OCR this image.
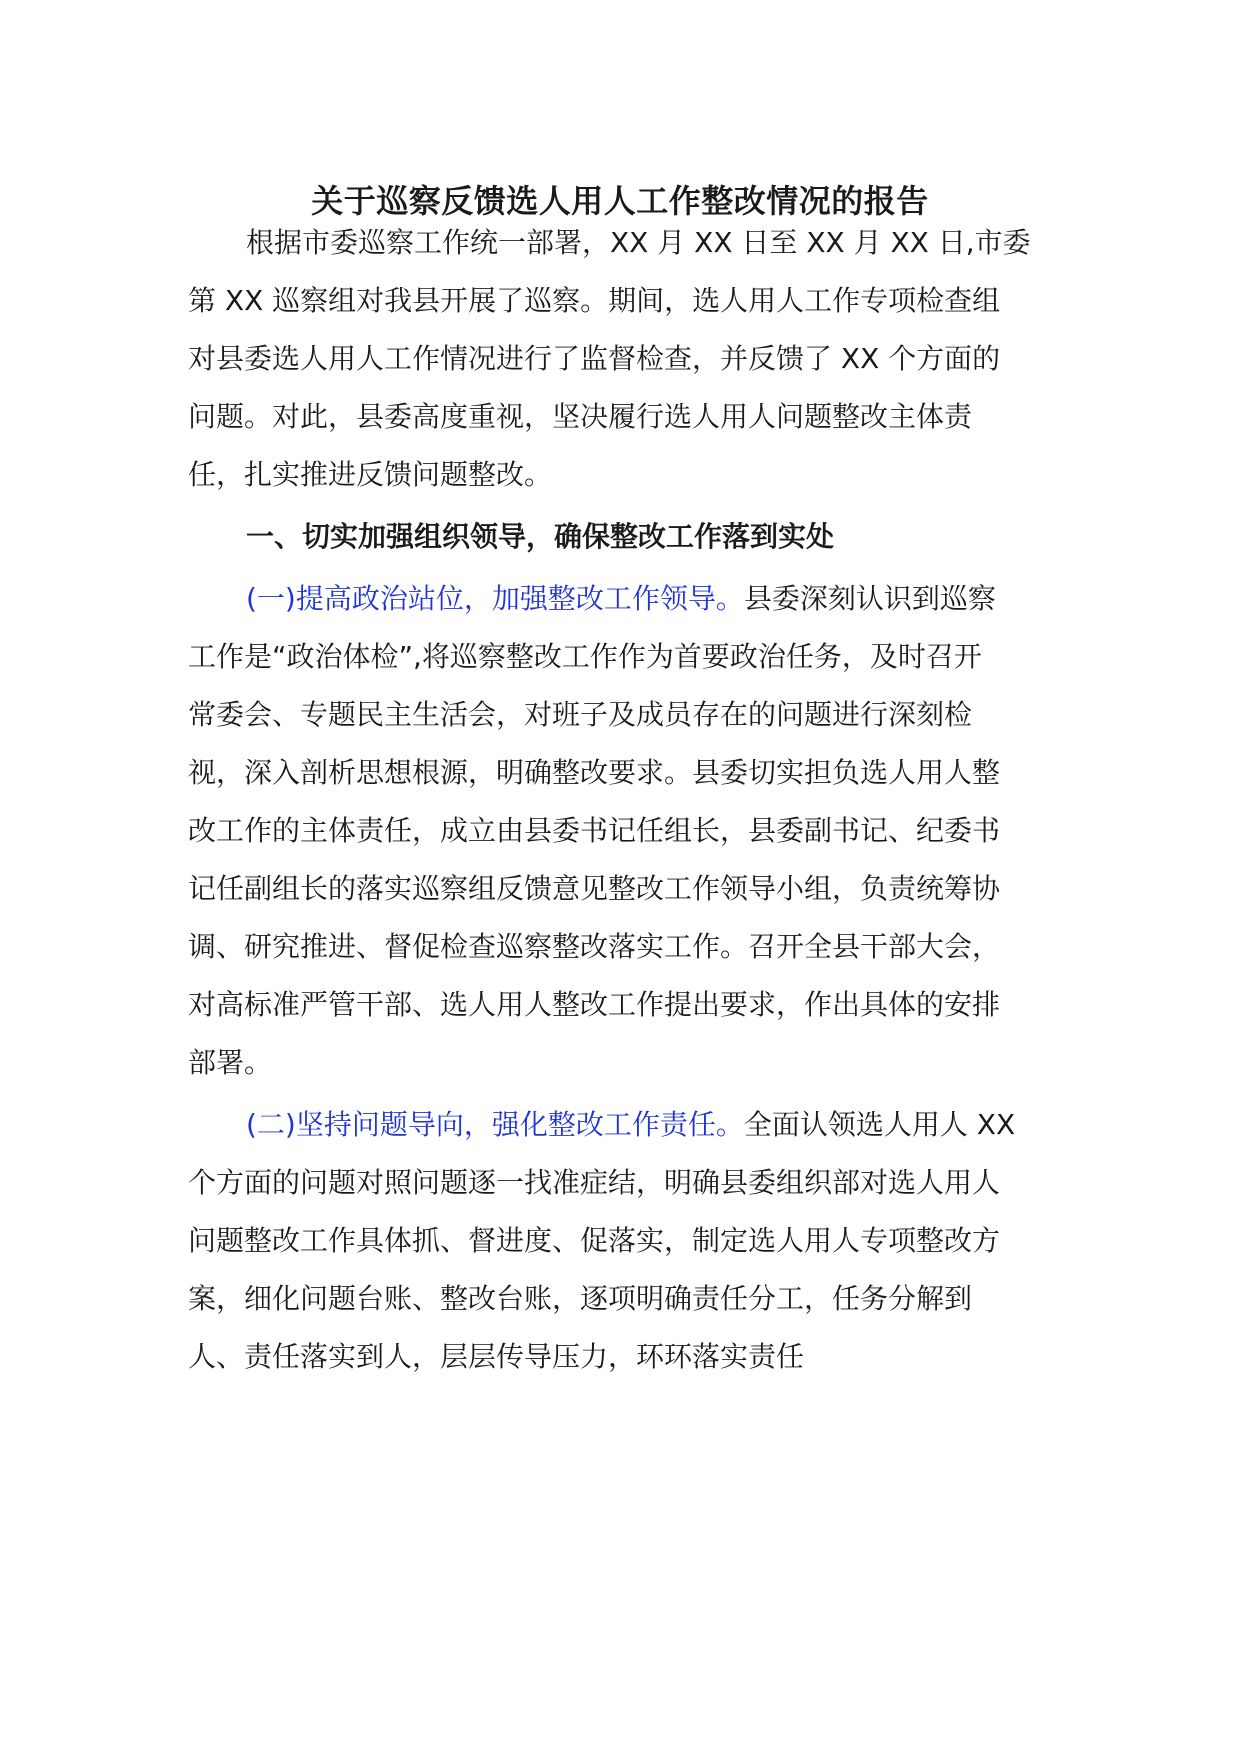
关于巡察反馈选人用人工作整改情况的报告

根据市委巡察工作统一部署，XX 月 XX 日至 XX 月 XX 日,市委

第 XX 巡察组对我县开展了巡察。期间，选人用人工作专项检查组

对县委选人用人工作情况进行了监督检查，并反馈了 XX 个方面的

问题。对此，县委高度重视，坚决履行选人用人问题整改主体责

任，扎实推进反馈问题整改。

一、切实加强组织领导，确保整改工作落到实处

(一)提高政治站位，加强整改工作领导。县委深刻认识到巡察

工作是“政治体检”,将巡察整改工作作为首要政治任务，及时召开

常委会、专题民主生活会，对班子及成员存在的问题进行深刻检

视，深入剖析思想根源，明确整改要求。县委切实担负选人用人整

改工作的主体责任，成立由县委书记任组长，县委副书记、纪委书

记任副组长的落实巡察组反馈意见整改工作领导小组，负责统筹协

调、研究推进、督促检查巡察整改落实工作。召开全县干部大会，

对高标准严管干部、选人用人整改工作提出要求，作出具体的安排

部署。

(二)坚持问题导向，强化整改工作责任。全面认领选人用人 XX

个方面的问题对照问题逐一找准症结，明确县委组织部对选人用人

问题整改工作具体抓、督进度、促落实，制定选人用人专项整改方

案，细化问题台账、整改台账，逐项明确责任分工，任务分解到

人、责任落实到人，层层传导压力，环环落实责任
